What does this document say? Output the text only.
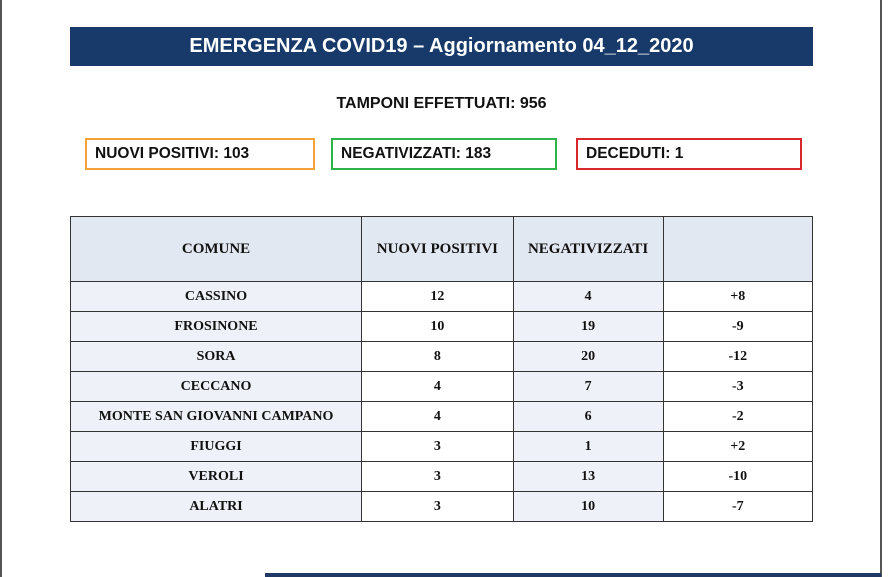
EMERGENZA COVID19 – Aggiornamento 04_12_2020
TAMPONI EFFETTUATI: 956
NUOVI POSITIVI: 103	NEGATIVIZZATI: 183	DECEDUTI: 1
COMUNE	NUOVI POSITIVI	NEGATIVIZZATI	
CASSINO	12	4	+8
FROSINONE	10	19	-9
SORA	8	20	-12
CECCANO	4	7	-3
MONTE SAN GIOVANNI CAMPANO	4	6	-2
FIUGGI	3	1	+2
VEROLI	3	13	-10
ALATRI	3	10	-7
